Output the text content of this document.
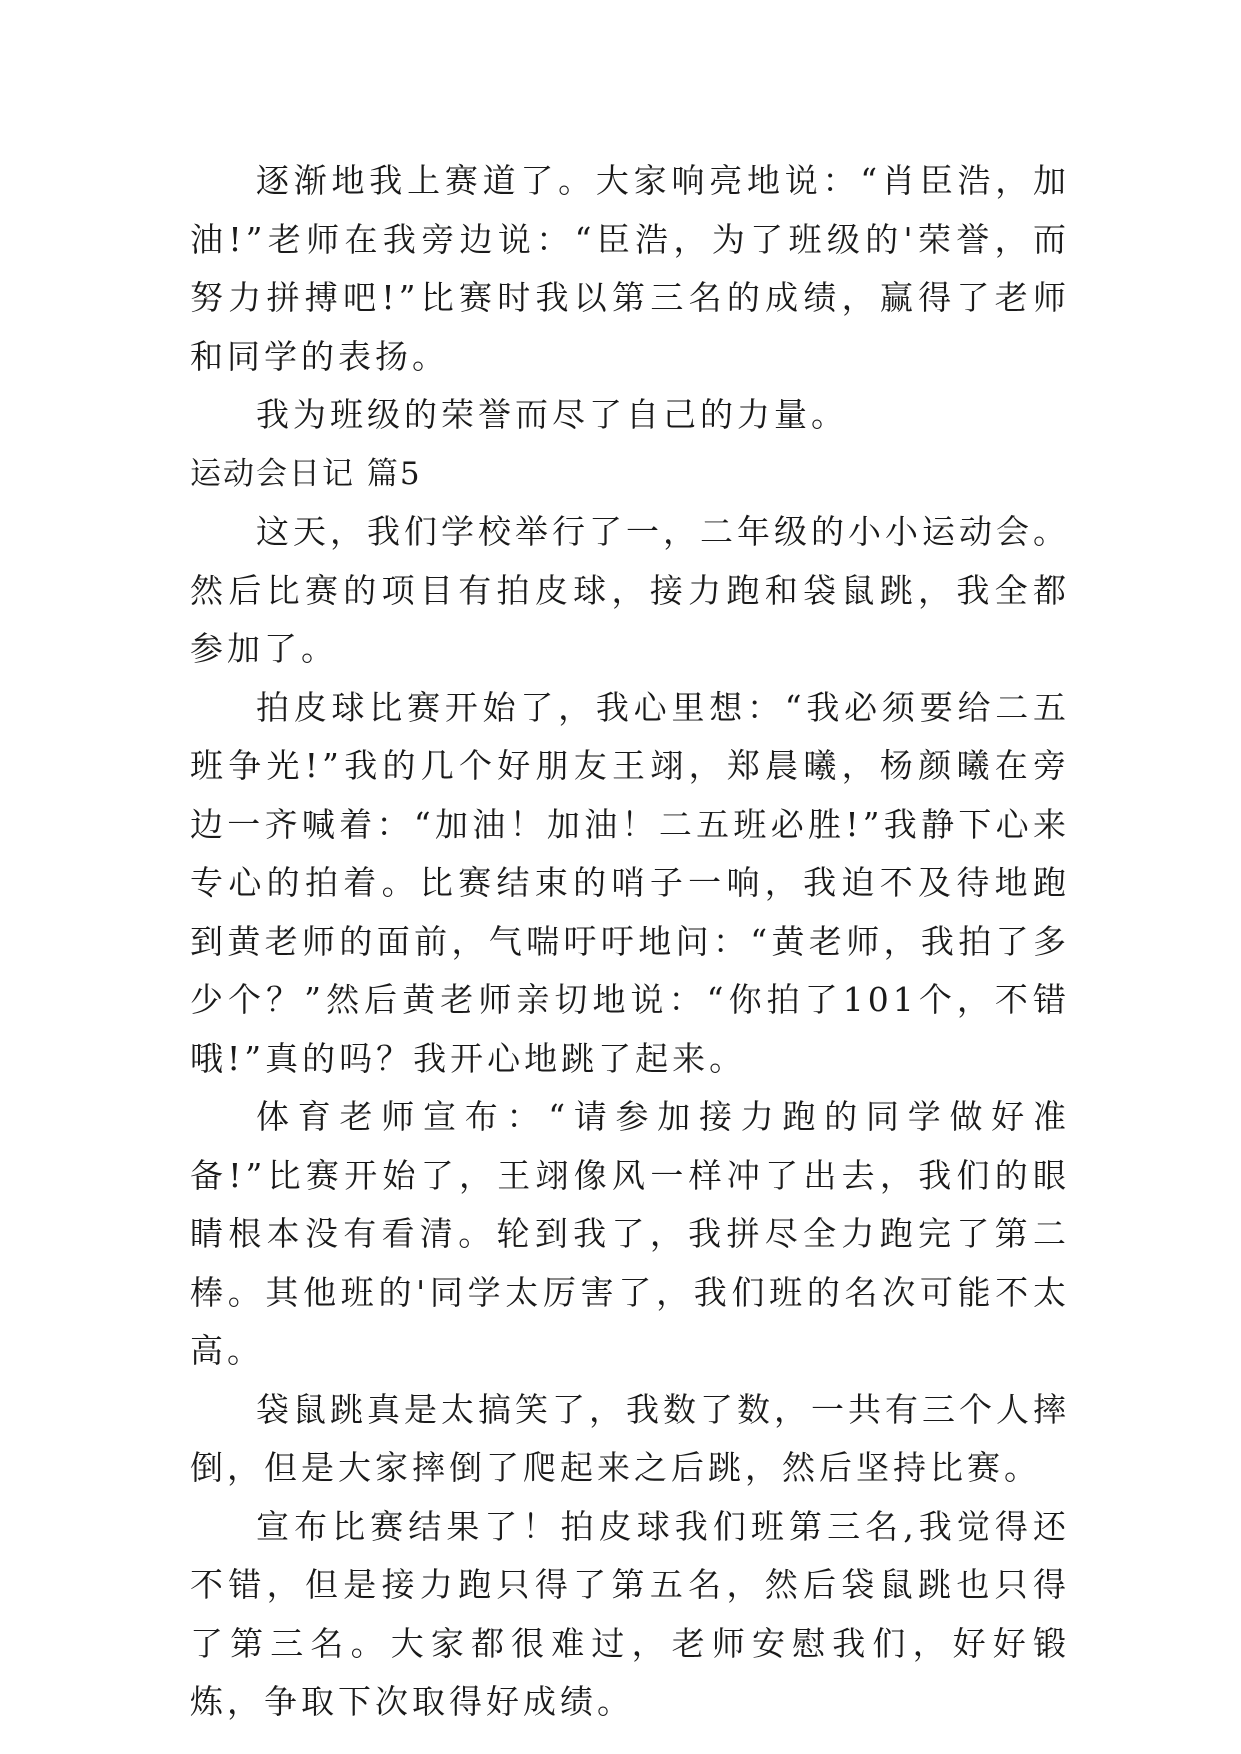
逐渐地我上赛道了。大家响亮地说：“肖臣浩，加油!”老师在我旁边说：“臣浩，为了班级的'荣誉，而努力拼搏吧!”比赛时我以第三名的成绩，赢得了老师和同学的表扬。

我为班级的荣誉而尽了自己的力量。

运动会日记 篇5

这天，我们学校举行了一，二年级的小小运动会。然后比赛的项目有拍皮球，接力跑和袋鼠跳，我全都参加了。

拍皮球比赛开始了，我心里想：“我必须要给二五班争光!”我的几个好朋友王翊，郑晨曦，杨颜曦在旁边一齐喊着：“加油！加油！二五班必胜!”我静下心来专心的拍着。比赛结束的哨子一响，我迫不及待地跑到黄老师的面前，气喘吁吁地问：“黄老师，我拍了多少个？”然后黄老师亲切地说：“你拍了101个，不错哦!”真的吗？我开心地跳了起来。

体育老师宣布：“请参加接力跑的同学做好准备!”比赛开始了，王翊像风一样冲了出去，我们的眼睛根本没有看清。轮到我了，我拼尽全力跑完了第二棒。其他班的'同学太厉害了，我们班的名次可能不太高。

袋鼠跳真是太搞笑了，我数了数，一共有三个人摔倒，但是大家摔倒了爬起来之后跳，然后坚持比赛。

宣布比赛结果了！拍皮球我们班第三名,我觉得还不错，但是接力跑只得了第五名，然后袋鼠跳也只得了第三名。大家都很难过，老师安慰我们，好好锻炼，争取下次取得好成绩。
